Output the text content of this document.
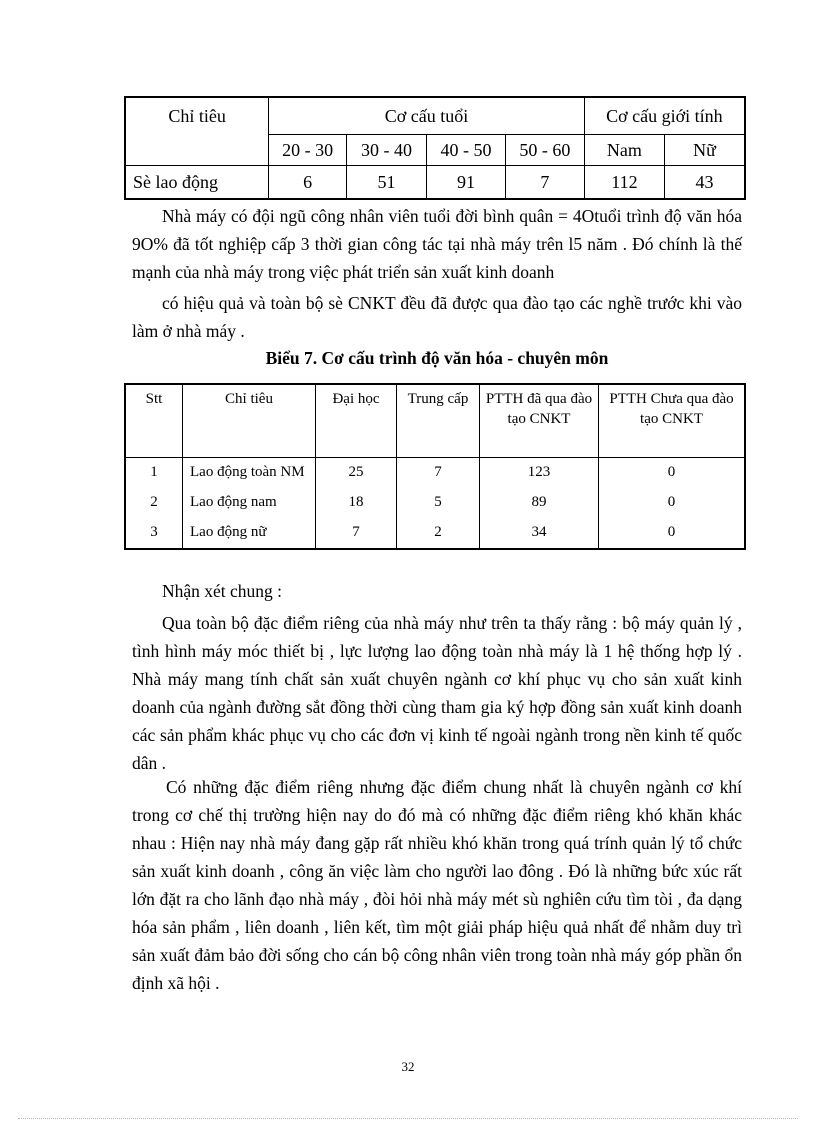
Chỉ tiêu	Cơ cấu tuổi				Cơ cấu giới tính	
	20 - 30	30 - 40	40 - 50	50 - 60	Nam	Nữ
Sè lao động	6	51	91	7	112	43

Nhà máy có đội ngũ công nhân viên tuổi đời bình quân = 4Otuổi trình độ văn hóa 9O% đã tốt nghiệp cấp 3 thời gian công tác tại nhà máy trên l5 năm . Đó chính là thế mạnh của nhà máy trong việc phát triển sản xuất kinh doanh

có hiệu quả và toàn bộ sè CNKT đều đã được qua đào tạo các nghề trước khi vào làm ở nhà máy .

Biểu 7. Cơ cấu trình độ văn hóa - chuyên môn

Stt	Chỉ tiêu	Đại học	Trung cấp	PTTH đã qua đào tạo CNKT	PTTH Chưa qua đào tạo CNKT
1	Lao động toàn NM	25	7	123	0
2	Lao động nam	18	5	89	0
3	Lao động nữ	7	2	34	0

Nhận xét chung :

Qua toàn bộ đặc điểm riêng của nhà máy như trên ta thấy rằng : bộ máy quản lý , tình hình máy móc thiết bị , lực lượng lao động toàn nhà máy là 1 hệ thống hợp lý . Nhà máy mang tính chất sản xuất chuyên ngành cơ khí phục vụ cho sản xuất kinh doanh của ngành đường sắt đồng thời cùng tham gia ký hợp đồng sản xuất kinh doanh các sản phẩm khác phục vụ cho các đơn vị kinh tế ngoài ngành trong nền kinh tế quốc dân .

Có những đặc điểm riêng nhưng đặc điểm chung nhất là chuyên ngành cơ khí trong cơ chế thị trường hiện nay do đó mà có những đặc điểm riêng khó khăn khác nhau : Hiện nay nhà máy đang gặp rất nhiều khó khăn trong quá trính quản lý tổ chức sản xuất kinh doanh , công ăn việc làm cho người lao đông . Đó là những bức xúc rất lớn đặt ra cho lãnh đạo nhà máy , đòi hỏi nhà máy mét sù nghiên cứu tìm tòi , đa dạng hóa sản phẩm , liên doanh , liên kết, tìm một giải pháp hiệu quả nhất để nhằm duy trì sản xuất đảm bảo đời sống cho cán bộ công nhân viên trong toàn nhà máy góp phần ổn định xã hội .

32
